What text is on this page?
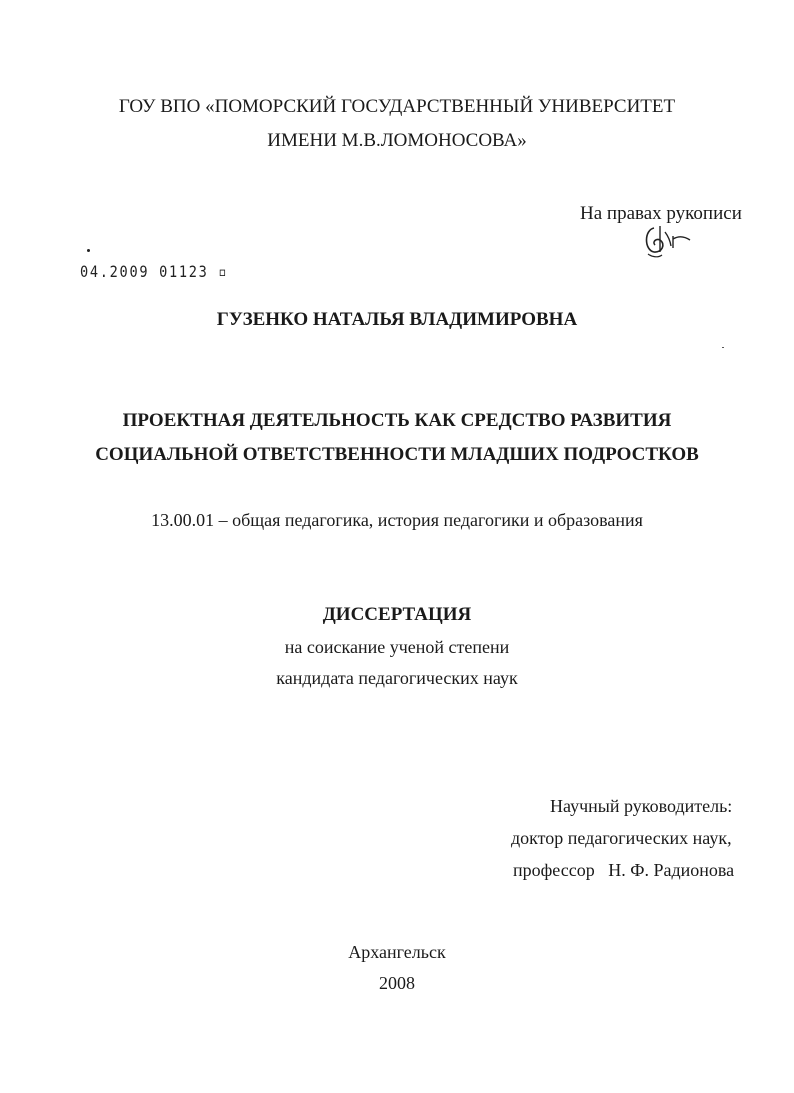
ГОУ ВПО «ПОМОРСКИЙ ГОСУДАРСТВЕННЫЙ УНИВЕРСИТЕТ
ИМЕНИ М.В.ЛОМОНОСОВА»
На правах рукописи
04.2009 01123 ▫
ГУЗЕНКО НАТАЛЬЯ ВЛАДИМИРОВНА
ПРОЕКТНАЯ ДЕЯТЕЛЬНОСТЬ КАК СРЕДСТВО РАЗВИТИЯ
СОЦИАЛЬНОЙ ОТВЕТСТВЕННОСТИ МЛАДШИХ ПОДРОСТКОВ
13.00.01 – общая педагогика, история педагогики и образования
ДИССЕРТАЦИЯ
на соискание ученой степени
кандидата педагогических наук
Научный руководитель:
доктор педагогических наук,
профессор Н. Ф. Радионова
Архангельск
2008
